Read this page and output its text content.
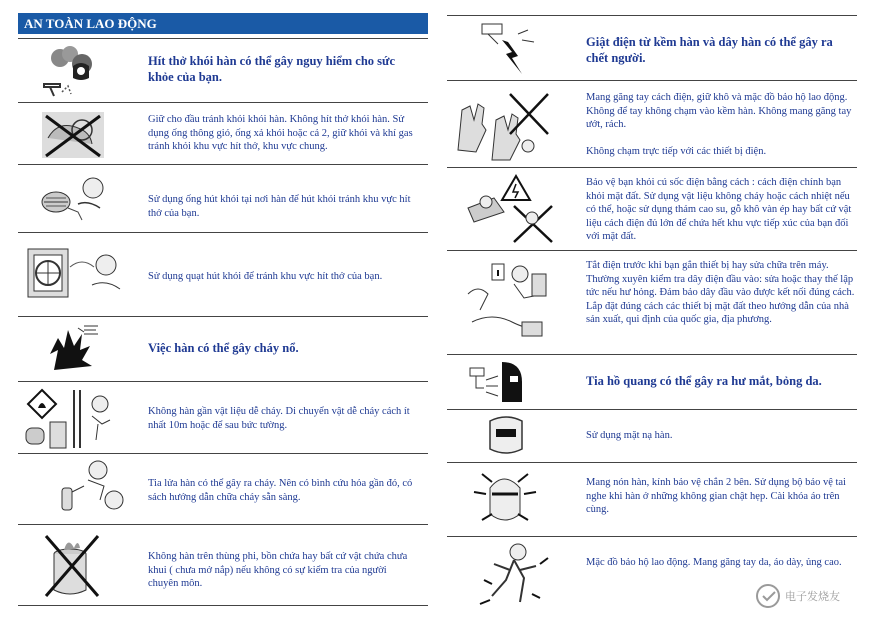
AN TOÀN LAO ĐỘNG
Hít thở khói hàn có thể gây nguy hiểm cho sức khỏe của bạn.
Giữ cho đầu tránh khỏi khói hàn. Không hít thở khói hàn. Sử dụng ống thông gió, ống xả khói hoặc cả 2, giữ khói và khí gas tránh khỏi khu vực hít thở, khu vực chung.
Sử dụng ống hút khói tại nơi hàn để hút khói tránh khu vực hít thở của bạn.
Sử dụng quạt hút khói để tránh khu vực hít thở của bạn.
Việc hàn có thể gây cháy nổ.
Không hàn gần vật liệu dễ cháy. Di chuyển vật dễ cháy cách ít nhất 10m hoặc để sau bức tường.
Tia lửa hàn có thể gây ra cháy. Nên có bình cứu hỏa gần đó, có sách hướng dẫn chữa cháy sẵn sàng.
Không hàn trên thùng phi, bồn chứa hay bất cứ vật chứa chưa khui ( chưa mở nắp) nếu không có sự kiểm tra của người chuyên môn.
Giật điện từ kềm hàn và dây hàn có thể gây ra chết người.
Mang găng tay cách điện, giữ khô và mặc đồ bảo hộ lao động. Không để tay không chạm vào kềm hàn. Không mang găng tay ướt, rách.

Không chạm trực tiếp với các thiết bị điện.
Bảo vệ bạn khỏi cú sốc điện bằng cách : cách điện chính bạn khỏi mặt đất. Sử dụng vật liệu không cháy hoặc cách nhiệt nếu có thể, hoặc sử dụng thảm cao su, gỗ khô vàn ép hay bất cứ vật liệu cách điện đủ lớn để chứa hết khu vực tiếp xúc của bạn đối với mặt đất.
Tắt điện trước khi bạn gắn thiết bị hay sửa chữa trên máy. Thường xuyên kiểm tra dây điện đầu vào: sửa hoặc thay thế lập tức nếu hư hỏng. Đảm bảo dây đầu vào được kết nối đúng cách.
Lắp đặt đúng cách các thiết bị mặt đất theo hướng dẫn của nhà sản xuất, qui định của quốc gia, địa phương.
Tia hồ quang có thể gây ra hư mắt, bỏng da.
Sử dụng mặt nạ hàn.
Mang nón hàn, kính bảo vệ chắn 2 bên. Sử dụng bộ bảo vệ tai nghe khi hàn ở những không gian chật hẹp. Cài khóa áo trên cùng.
Mặc đồ bảo hộ lao động. Mang găng tay da, áo dày, ủng cao.
电子发烧友
